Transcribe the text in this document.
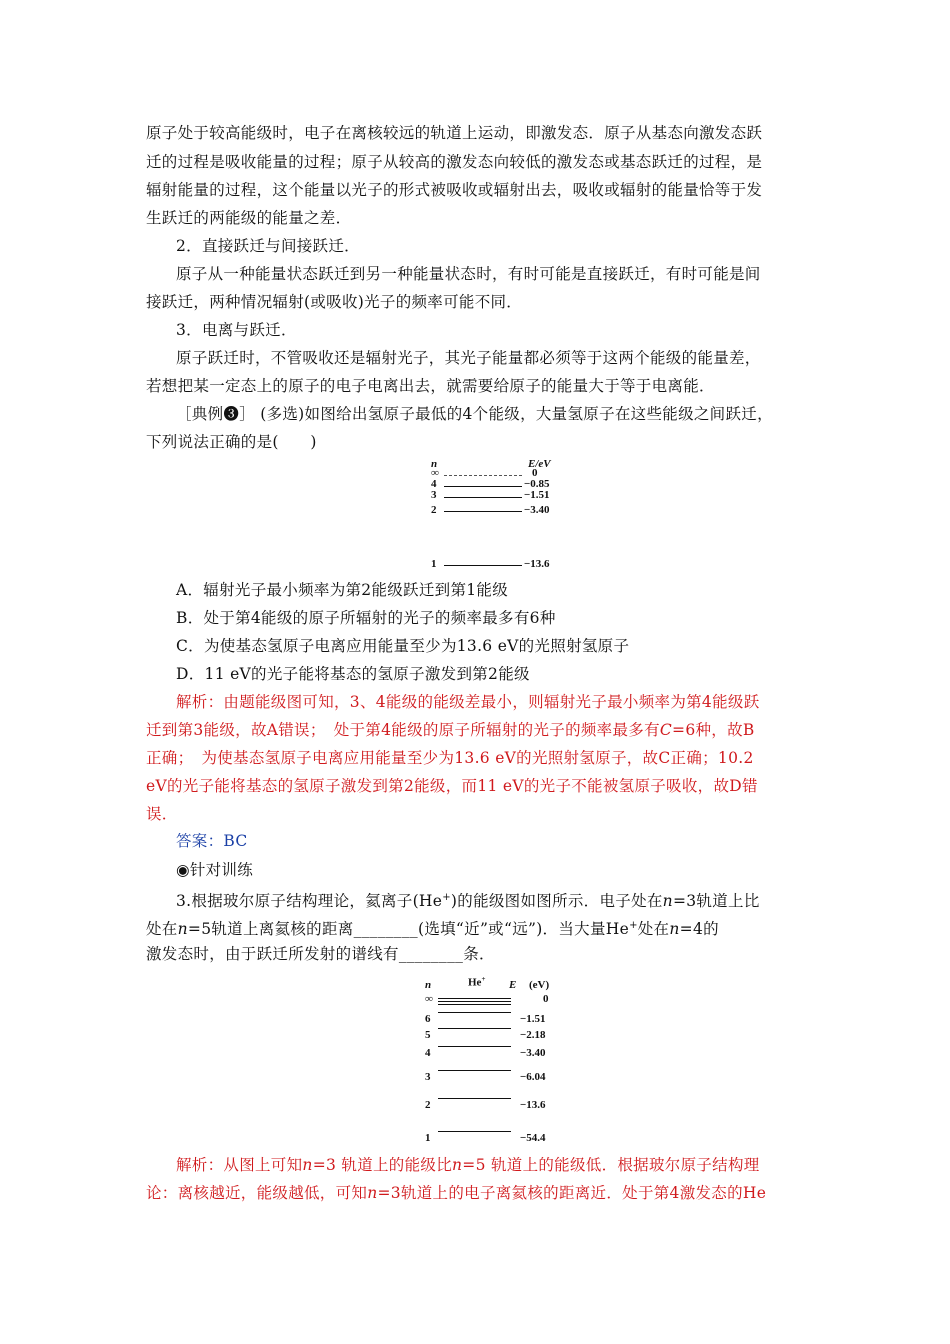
原子处于较高能级时，电子在离核较远的轨道上运动，即激发态．原子从基态向激发态跃
迁的过程是吸收能量的过程；原子从较高的激发态向较低的激发态或基态跃迁的过程，是
辐射能量的过程，这个能量以光子的形式被吸收或辐射出去，吸收或辐射的能量恰等于发
生跃迁的两能级的能量之差．
2．直接跃迁与间接跃迁．
原子从一种能量状态跃迁到另一种能量状态时，有时可能是直接跃迁，有时可能是间
接跃迁，两种情况辐射(或吸收)光子的频率可能不同．
3．电离与跃迁．
原子跃迁时，不管吸收还是辐射光子，其光子能量都必须等于这两个能级的能量差，
若想把某一定态上的原子的电子电离出去，就需要给原子的能量大于等于电离能．
［典例❸］ (多选)如图给出氢原子最低的4个能级，大量氢原子在这些能级之间跃迁，
下列说法正确的是(　　)
n	E/eV
∞	0
4	−0.85
3	−1.51
2	−3.40
1	−13.6
A．辐射光子最小频率为第2能级跃迁到第1能级
B．处于第4能级的原子所辐射的光子的频率最多有6种
C．为使基态氢原子电离应用能量至少为13.6 eV的光照射氢原子
D．11 eV的光子能将基态的氢原子激发到第2能级
解析：由题能级图可知，3、4能级的能级差最小，则辐射光子最小频率为第4能级跃
迁到第3能级，故A错误；　处于第4能级的原子所辐射的光子的频率最多有C=6种，故B
正确；　为使基态氢原子电离应用能量至少为13.6 eV的光照射氢原子，故C正确；10.2
eV的光子能将基态的氢原子激发到第2能级，而11 eV的光子不能被氢原子吸收，故D错
误．
答案：BC
◉针对训练
3.根据玻尔原子结构理论，氦离子(He+)的能级图如图所示．电子处在n=3轨道上比
处在n=5轨道上离氦核的距离________(选填“近”或“远”)．当大量He+处在n=4的
激发态时，由于跃迁所发射的谱线有________条．
n	He+ E (eV)
∞	0
6	−1.51
5	−2.18
4	−3.40
3	−6.04
2	−13.6
1	−54.4
解析：从图上可知n=3 轨道上的能级比n=5 轨道上的能级低．根据玻尔原子结构理
论：离核越近，能级越低，可知n=3轨道上的电子离氦核的距离近．处于第4激发态的He
